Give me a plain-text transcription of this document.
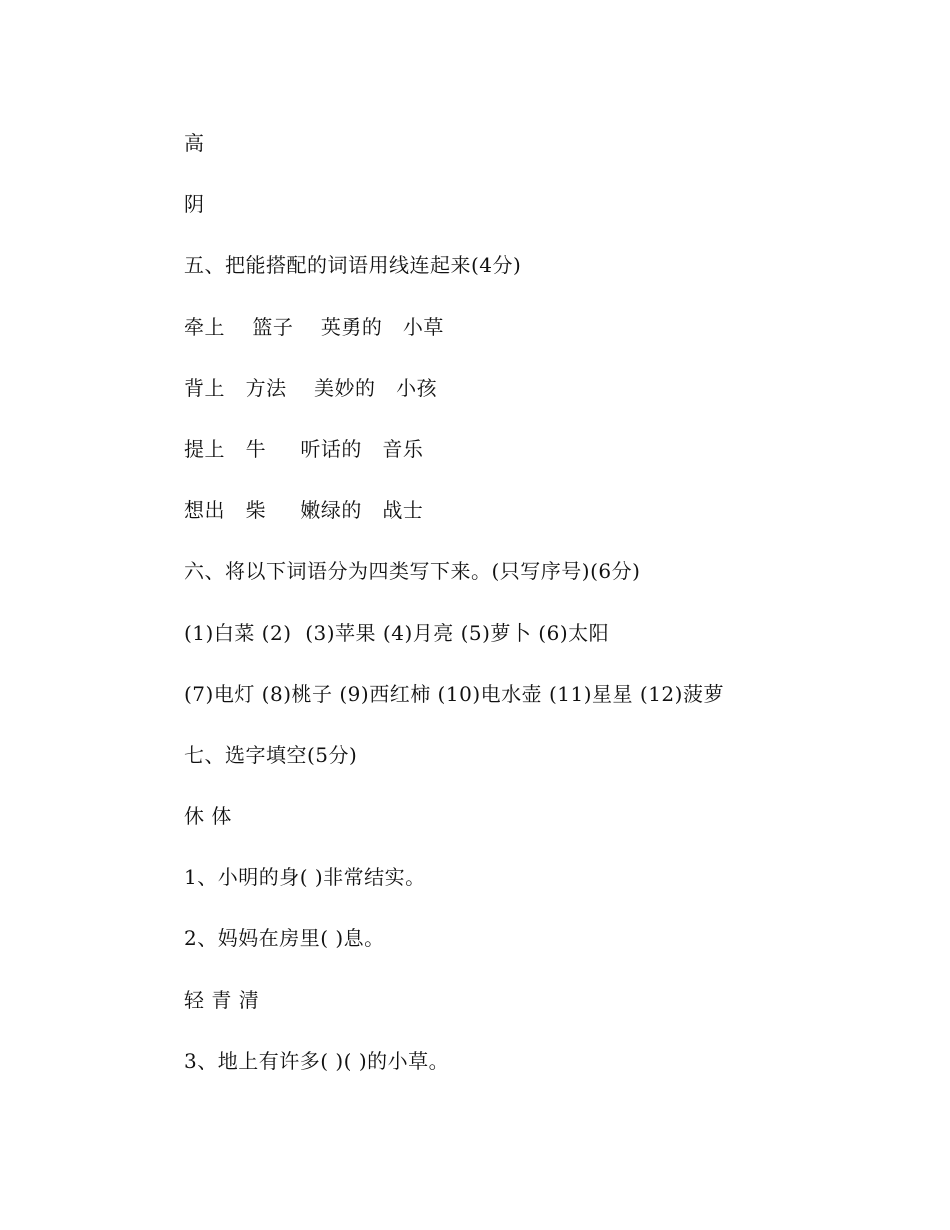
高
阴
五、把能搭配的词语用线连起来(4分)
牵上    篮子    英勇的   小草
背上   方法    美妙的   小孩
提上   牛     听话的   音乐
想出   柴     嫩绿的   战士
六、将以下词语分为四类写下来。(只写序号)(6分)
(1)白菜 (2)  (3)苹果 (4)月亮 (5)萝卜 (6)太阳
(7)电灯 (8)桃子 (9)西红柿 (10)电水壶 (11)星星 (12)菠萝
七、选字填空(5分)
休 体
1、小明的身( )非常结实。
2、妈妈在房里( )息。
轻 青 清
3、地上有许多( )( )的小草。
